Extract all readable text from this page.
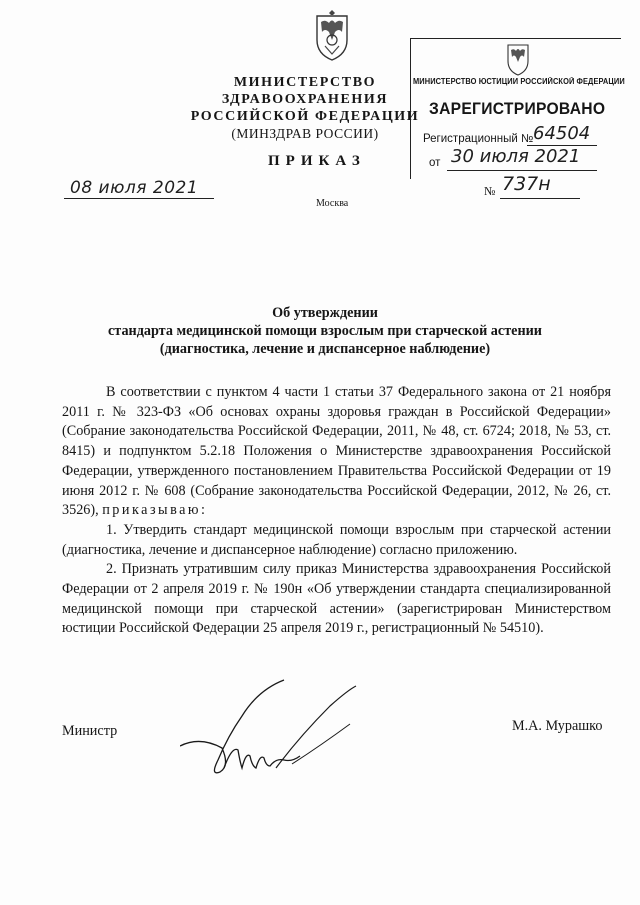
МИНИСТЕРСТВО ЗДРАВООХРАНЕНИЯ
РОССИЙСКОЙ ФЕДЕРАЦИИ
(МИНЗДРАВ РОССИИ)
ПРИКАЗ
08 июля 2021
Москва
№ 737н
МИНИСТЕРСТВО ЮСТИЦИИ РОССИЙСКОЙ ФЕДЕРАЦИИ
ЗАРЕГИСТРИРОВАНО
Регистрационный № 64504
от 30 июля 2021
Об утверждении
стандарта медицинской помощи взрослым при старческой астении
(диагностика, лечение и диспансерное наблюдение)

В соответствии с пунктом 4 части 1 статьи 37 Федерального закона от 21 ноября 2011 г. № 323-ФЗ «Об основах охраны здоровья граждан в Российской Федерации» (Собрание законодательства Российской Федерации, 2011, № 48, ст. 6724; 2018, № 53, ст. 8415) и подпунктом 5.2.18 Положения о Министерстве здравоохранения Российской Федерации, утвержденного постановлением Правительства Российской Федерации от 19 июня 2012 г. № 608 (Собрание законодательства Российской Федерации, 2012, № 26, ст. 3526), приказываю:

1. Утвердить стандарт медицинской помощи взрослым при старческой астении (диагностика, лечение и диспансерное наблюдение) согласно приложению.

2. Признать утратившим силу приказ Министерства здравоохранения Российской Федерации от 2 апреля 2019 г. № 190н «Об утверждении стандарта специализированной медицинской помощи при старческой астении» (зарегистрирован Министерством юстиции Российской Федерации 25 апреля 2019 г., регистрационный № 54510).

Министр	М.А. Мурашко
